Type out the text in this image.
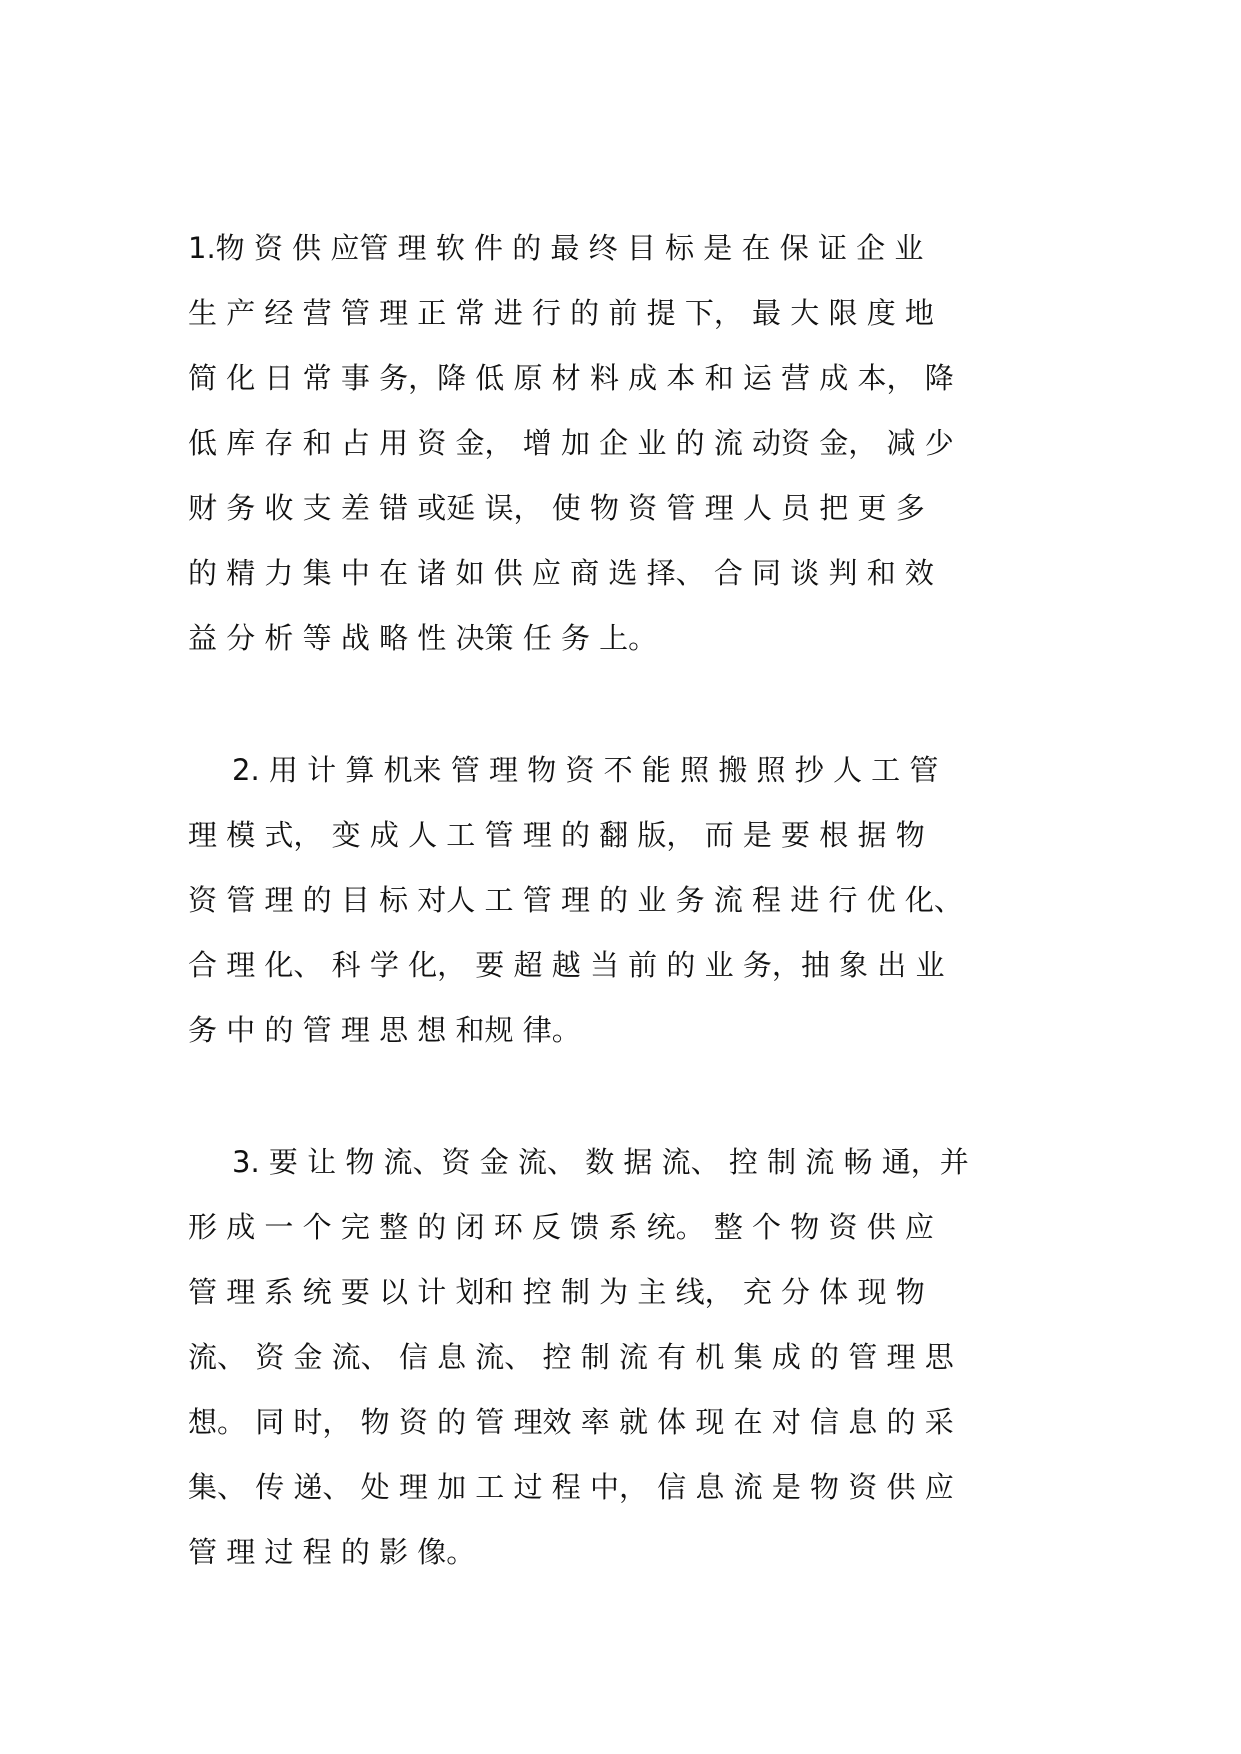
1.物 资 供 应管 理 软 件 的 最 终 目 标 是 在 保 证 企 业
生 产 经 营 管 理 正 常 进 行 的 前 提 下， 最 大 限 度 地
简 化 日 常 事 务，降 低 原 材 料 成 本 和 运 营 成 本， 降
低 库 存 和 占 用 资 金， 增 加 企 业 的 流 动资 金， 减 少
财 务 收 支 差 错 或延 误， 使 物 资 管 理 人 员 把 更 多
的 精 力 集 中 在 诸 如 供 应 商 选 择、 合 同 谈 判 和 效
益 分 析 等 战 略 性 决策 任 务 上。
2. 用 计 算 机来 管 理 物 资 不 能 照 搬 照 抄 人 工 管
理 模 式， 变 成 人 工 管 理 的 翻 版， 而 是 要 根 据 物
资 管 理 的 目 标 对人 工 管 理 的 业 务 流 程 进 行 优 化、
合 理 化、 科 学 化， 要 超 越 当 前 的 业 务，抽 象 出 业
务 中 的 管 理 思 想 和规 律。
3. 要 让 物 流、资 金 流、 数 据 流、 控 制 流 畅 通，并
形 成 一 个 完 整 的 闭 环 反 馈 系 统。 整 个 物 资 供 应
管 理 系 统 要 以 计 划和 控 制 为 主 线， 充 分 体 现 物
流、 资 金 流、 信 息 流、 控 制 流 有 机 集 成 的 管 理 思
想。 同 时， 物 资 的 管 理效 率 就 体 现 在 对 信 息 的 采
集、 传 递、 处 理 加 工 过 程 中， 信 息 流 是 物 资 供 应
管 理 过 程 的 影 像。
